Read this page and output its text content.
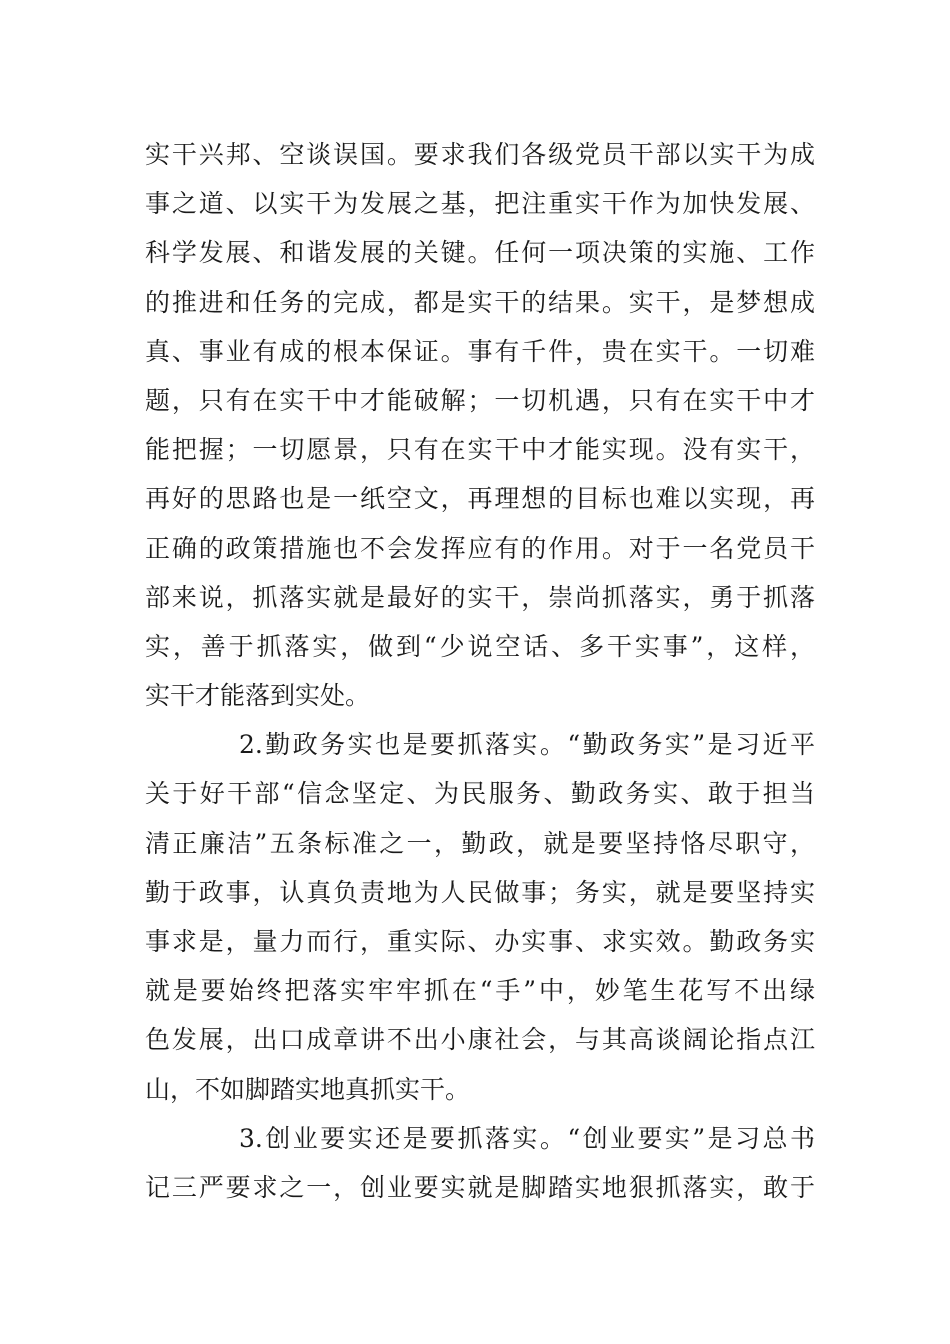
实干兴邦、空谈误国。要求我们各级党员干部以实干为成
事之道、以实干为发展之基，把注重实干作为加快发展、
科学发展、和谐发展的关键。任何一项决策的实施、工作
的推进和任务的完成，都是实干的结果。实干，是梦想成
真、事业有成的根本保证。事有千件，贵在实干。一切难
题，只有在实干中才能破解；一切机遇，只有在实干中才
能把握；一切愿景，只有在实干中才能实现。没有实干，
再好的思路也是一纸空文，再理想的目标也难以实现，再
正确的政策措施也不会发挥应有的作用。对于一名党员干
部来说，抓落实就是最好的实干，崇尚抓落实，勇于抓落
实，善于抓落实，做到“少说空话、多干实事”，这样，
实干才能落到实处。
2.勤政务实也是要抓落实。“勤政务实”是习近平
关于好干部“信念坚定、为民服务、勤政务实、敢于担当
清正廉洁”五条标准之一，勤政，就是要坚持恪尽职守，
勤于政事，认真负责地为人民做事；务实，就是要坚持实
事求是，量力而行，重实际、办实事、求实效。勤政务实
就是要始终把落实牢牢抓在“手”中，妙笔生花写不出绿
色发展，出口成章讲不出小康社会，与其高谈阔论指点江
山，不如脚踏实地真抓实干。
3.创业要实还是要抓落实。“创业要实”是习总书
记三严要求之一，创业要实就是脚踏实地狠抓落实，敢于
